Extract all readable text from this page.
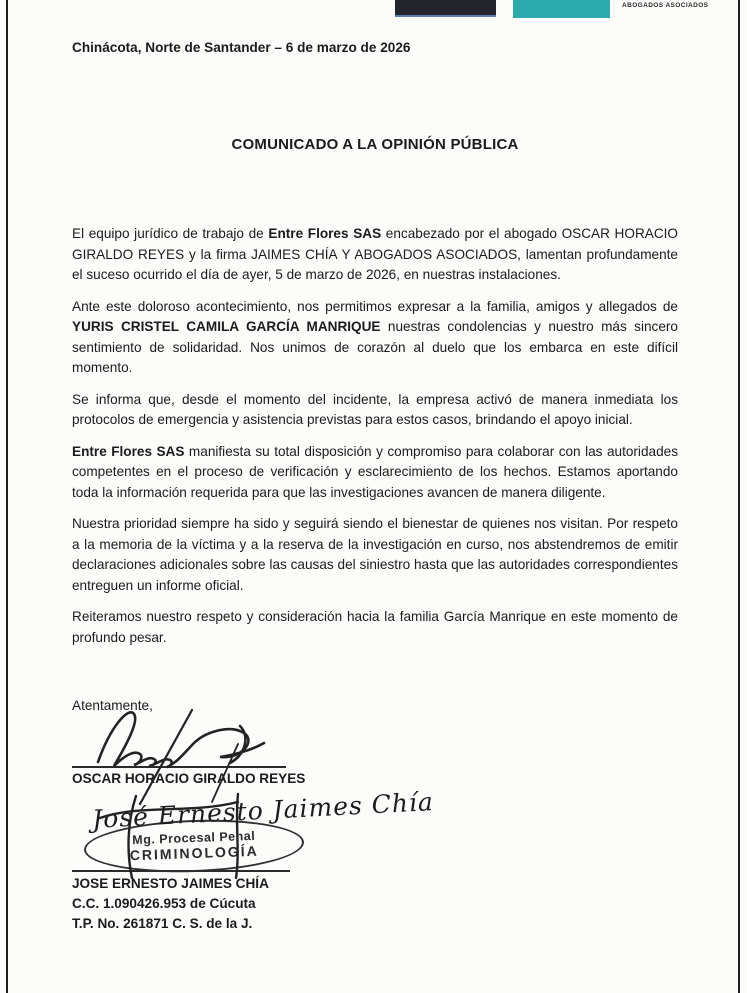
ABOGADOS ASOCIADOS
Chinácota, Norte de Santander – 6 de marzo de 2026
COMUNICADO A LA OPINIÓN PÚBLICA

El equipo jurídico de trabajo de Entre Flores SAS encabezado por el abogado OSCAR HORACIO GIRALDO REYES y la firma JAIMES CHÍA Y ABOGADOS ASOCIADOS, lamentan profundamente el suceso ocurrido el día de ayer, 5 de marzo de 2026, en nuestras instalaciones.

Ante este doloroso acontecimiento, nos permitimos expresar a la familia, amigos y allegados de YURIS CRISTEL CAMILA GARCÍA MANRIQUE nuestras condolencias y nuestro más sincero sentimiento de solidaridad. Nos unimos de corazón al duelo que los embarca en este difícil momento.

Se informa que, desde el momento del incidente, la empresa activó de manera inmediata los protocolos de emergencia y asistencia previstas para estos casos, brindando el apoyo inicial.

Entre Flores SAS manifiesta su total disposición y compromiso para colaborar con las autoridades competentes en el proceso de verificación y esclarecimiento de los hechos. Estamos aportando toda la información requerida para que las investigaciones avancen de manera diligente.

Nuestra prioridad siempre ha sido y seguirá siendo el bienestar de quienes nos visitan. Por respeto a la memoria de la víctima y a la reserva de la investigación en curso, nos abstendremos de emitir declaraciones adicionales sobre las causas del siniestro hasta que las autoridades correspondientes entreguen un informe oficial.

Reiteramos nuestro respeto y consideración hacia la familia García Manrique en este momento de profundo pesar.

Atentamente,
OSCAR HORACIO GIRALDO REYES
José Ernesto Jaimes Chía
Mg. Procesal Penal
CRIMINOLOGÍA
JOSE ERNESTO JAIMES CHÍA
C.C. 1.090426.953 de Cúcuta
T.P. No. 261871 C. S. de la J.
